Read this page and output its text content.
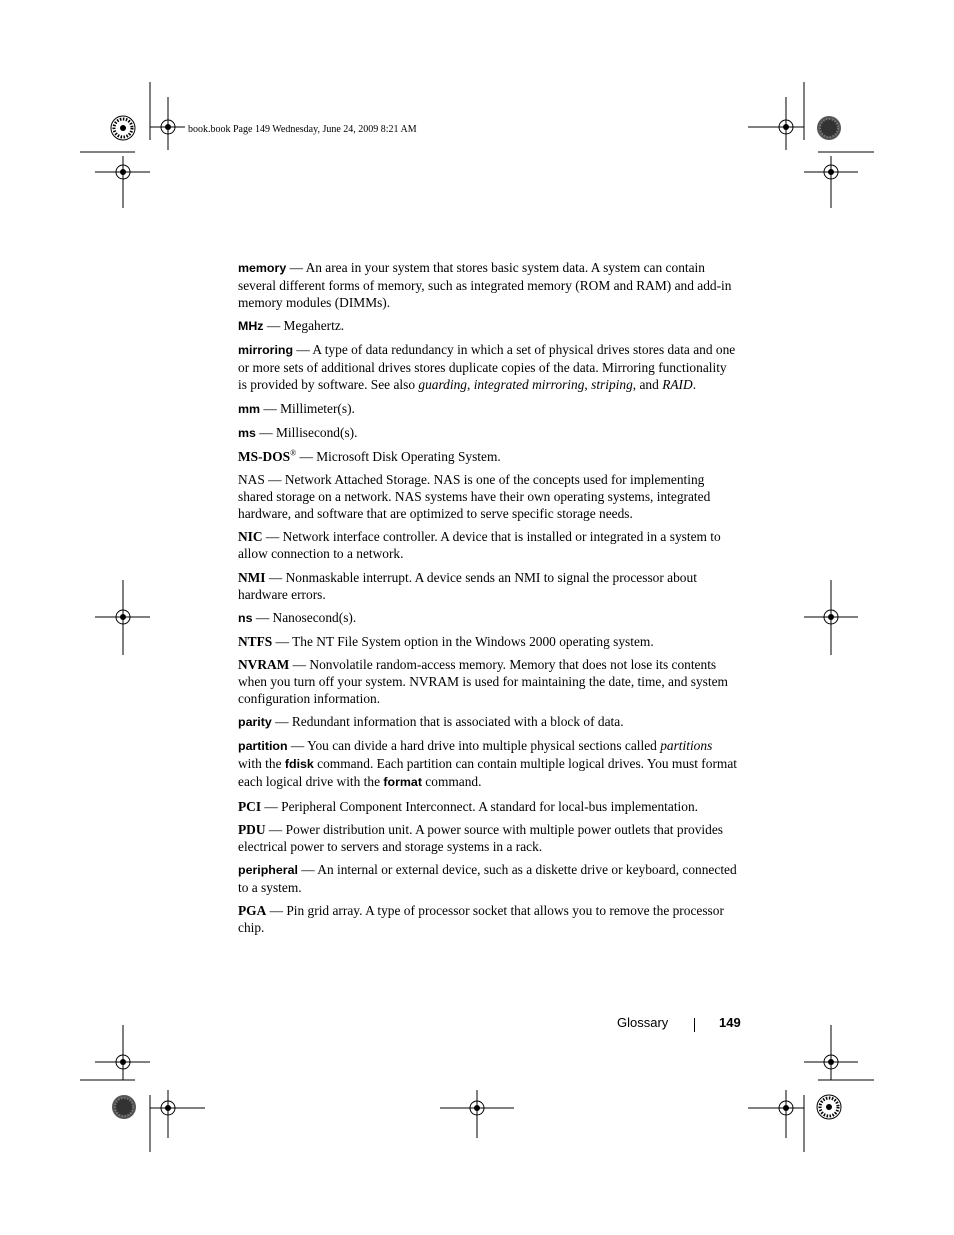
book.book Page 149 Wednesday, June 24, 2009 8:21 AM

memory — An area in your system that stores basic system data. A system can contain several different forms of memory, such as integrated memory (ROM and RAM) and add-in memory modules (DIMMs).

MHz — Megahertz.

mirroring — A type of data redundancy in which a set of physical drives stores data and one or more sets of additional drives stores duplicate copies of the data. Mirroring functionality is provided by software. See also guarding, integrated mirroring, striping, and RAID.

mm — Millimeter(s).

ms — Millisecond(s).

MS-DOS® — Microsoft Disk Operating System.

NAS — Network Attached Storage. NAS is one of the concepts used for implementing shared storage on a network. NAS systems have their own operating systems, integrated hardware, and software that are optimized to serve specific storage needs.

NIC — Network interface controller. A device that is installed or integrated in a system to allow connection to a network.

NMI — Nonmaskable interrupt. A device sends an NMI to signal the processor about hardware errors.

ns — Nanosecond(s).

NTFS — The NT File System option in the Windows 2000 operating system.

NVRAM — Nonvolatile random-access memory. Memory that does not lose its contents when you turn off your system. NVRAM is used for maintaining the date, time, and system configuration information.

parity — Redundant information that is associated with a block of data.

partition — You can divide a hard drive into multiple physical sections called partitions with the fdisk command. Each partition can contain multiple logical drives. You must format each logical drive with the format command.

PCI — Peripheral Component Interconnect. A standard for local-bus implementation.

PDU — Power distribution unit. A power source with multiple power outlets that provides electrical power to servers and storage systems in a rack.

peripheral — An internal or external device, such as a diskette drive or keyboard, connected to a system.

PGA — Pin grid array. A type of processor socket that allows you to remove the processor chip.

Glossary	149
